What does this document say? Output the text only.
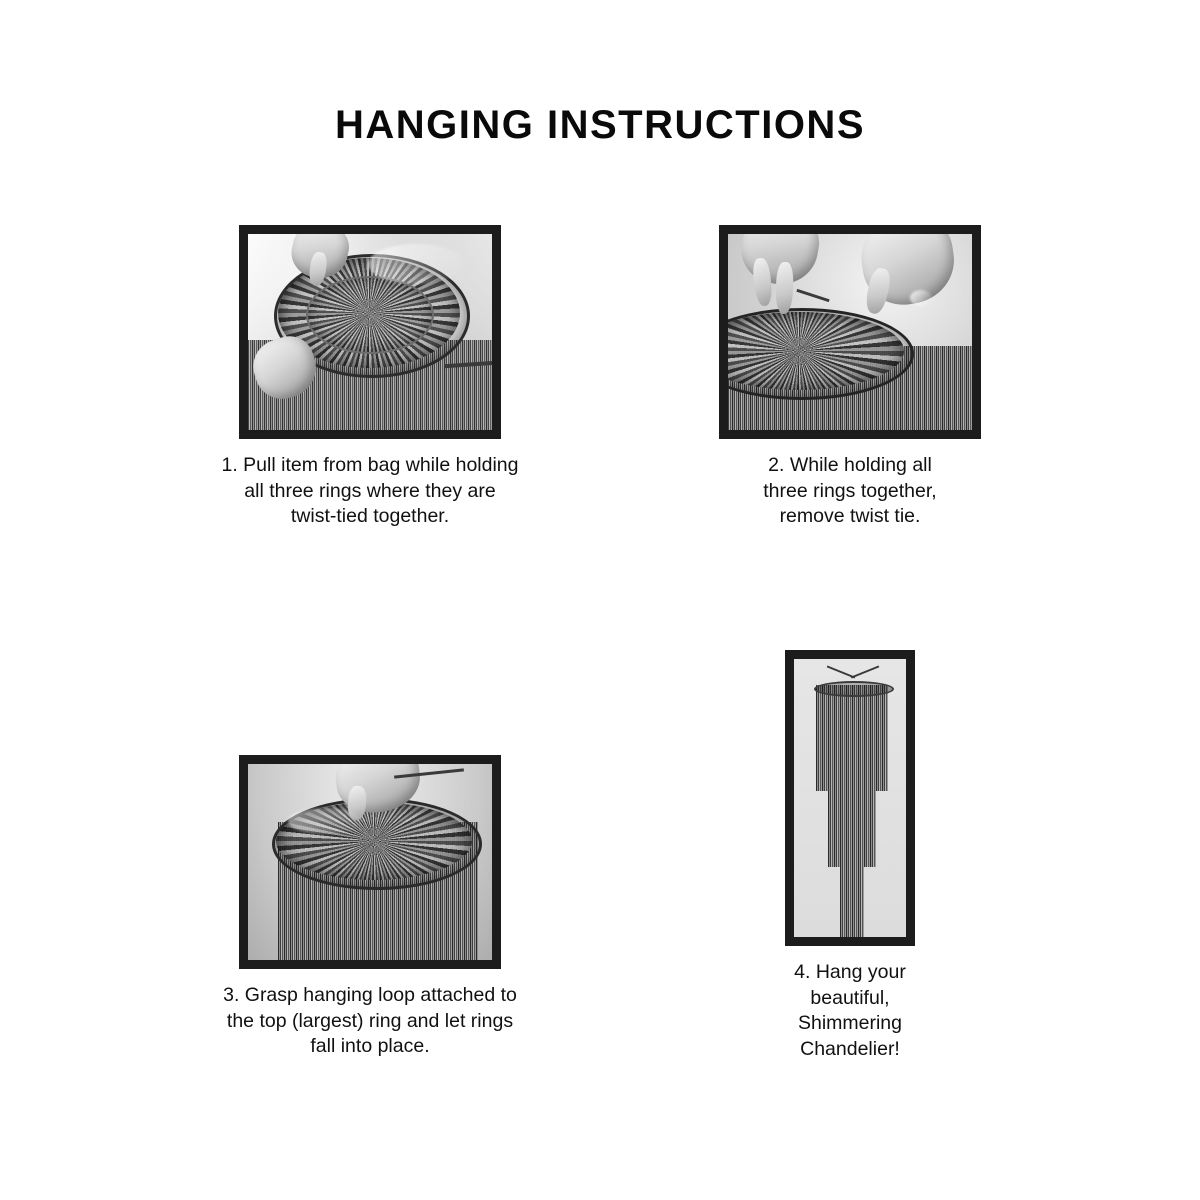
HANGING INSTRUCTIONS
1. Pull item from bag while holding all three rings where they are twist-tied together.
2. While holding all three rings together, remove twist tie.
3. Grasp hanging loop attached to the top (largest) ring and let rings fall into place.
4. Hang your beautiful, Shimmering Chandelier!
